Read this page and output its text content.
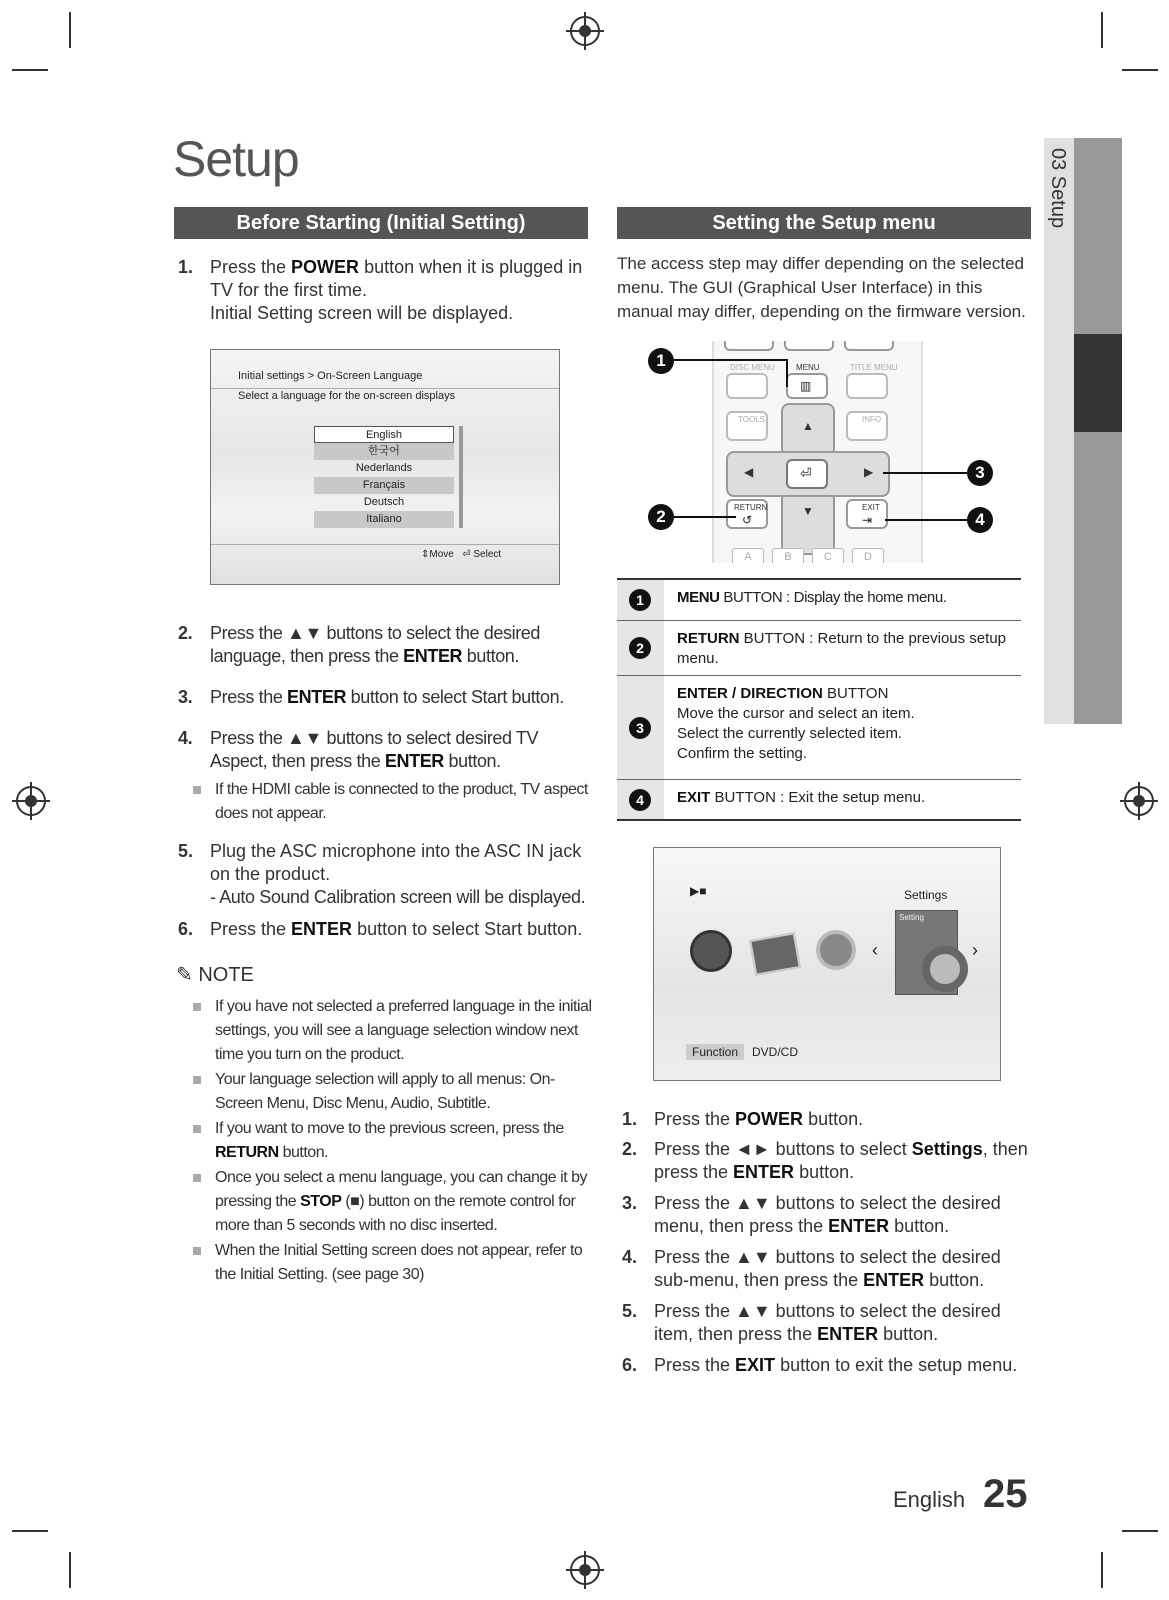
03 Setup
Setup
Before Starting (Initial Setting)
1. Press the POWER button when it is plugged in TV for the first time.
Initial Setting screen will be displayed.
Initial settings > On-Screen Language
Select a language for the on-screen displays
English
한국어
Nederlands
Français
Deutsch
Italiano
⇕Move ⏎ Select
2. Press the ▲▼ buttons to select the desired language, then press the ENTER button.
3. Press the ENTER button to select Start button.
4. Press the ▲▼ buttons to select desired TV Aspect, then press the ENTER button.
If the HDMI cable is connected to the product, TV aspect does not appear.
5. Plug the ASC microphone into the ASC IN jack on the product.
- Auto Sound Calibration screen will be displayed.
6. Press the ENTER button to select Start button.
✎ NOTE
If you have not selected a preferred language in the initial settings, you will see a language selection window next time you turn on the product.
Your language selection will apply to all menus: On-Screen Menu, Disc Menu, Audio, Subtitle.
If you want to move to the previous screen, press the RETURN button.
Once you select a menu language, you can change it by pressing the STOP (■) button on the remote control for more than 5 seconds with no disc inserted.
When the Initial Setting screen does not appear, refer to the Initial Setting. (see page 30)
Setting the Setup menu
The access step may differ depending on the selected menu. The GUI (Graphical User Interface) in this manual may differ, depending on the firmware version.
DISC MENU	MENU	TITLE MENU
▥
TOOLS	INFO
⏎
▲
▼
◀	▶
RETURN
↺
EXIT
⇥
A	B	C	D
1
2
3
4
1	MENU BUTTON : Display the home menu.
2
RETURN BUTTON : Return to the previous setup menu.
3
ENTER / DIRECTION BUTTON
Move the cursor and select an item.
Select the currently selected item.
Confirm the setting.
4	EXIT BUTTON : Exit the setup menu.
▶■	Settings
‹
Setting
›
Function	DVD/CD
1. Press the POWER button.
2. Press the ◄► buttons to select Settings, then press the ENTER button.
3. Press the ▲▼ buttons to select the desired menu, then press the ENTER button.
4. Press the ▲▼ buttons to select the desired sub-menu, then press the ENTER button.
5. Press the ▲▼ buttons to select the desired item, then press the ENTER button.
6. Press the EXIT button to exit the setup menu.
English 25
